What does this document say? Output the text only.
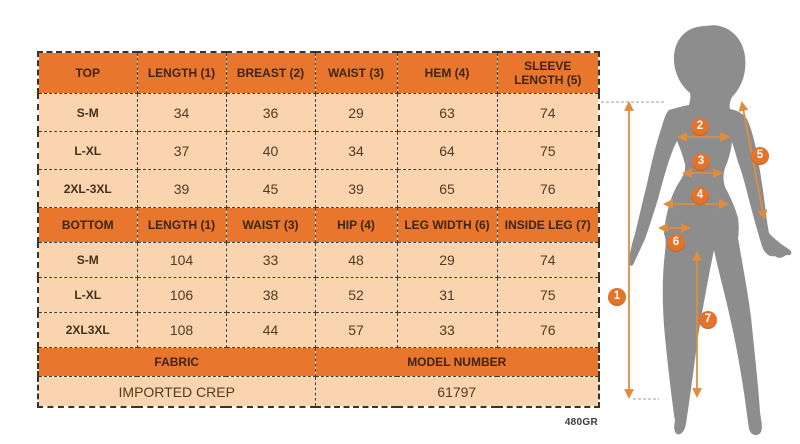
TOP	LENGTH (1)	BREAST (2)	WAIST (3)	HEM (4)	SLEEVE LENGTH (5)
S-M	34	36	29	63	74
L-XL	37	40	34	64	75
2XL-3XL	39	45	39	65	76
BOTTOM	LENGTH (1)	WAIST (3)	HIP (4)	LEG WIDTH (6)	INSIDE LEG (7)
S-M	104	33	48	29	74
L-XL	106	38	52	31	75
2XL3XL	108	44	57	33	76
FABRIC			MODEL NUMBER		
IMPORTED CREP			61797		
480GR
1
2
3
4
5
6
7
